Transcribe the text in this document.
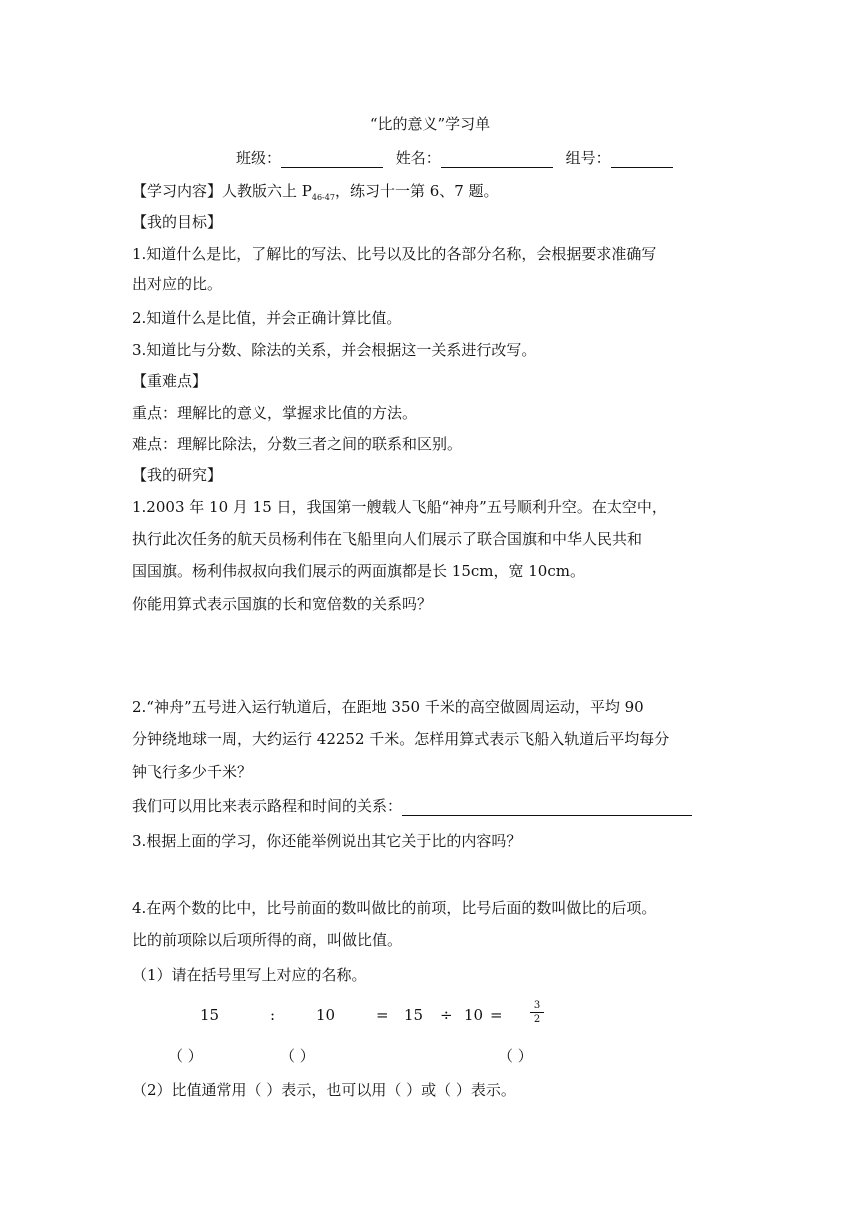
“比的意义”学习单
班级：	姓名：	组号：
【学习内容】人教版六上 $P_{46-47}$，练习十一第 6、7 题。
【我的目标】
1.知道什么是比，了解比的写法、比号以及比的各部分名称，会根据要求准确写
出对应的比。
2.知道什么是比值，并会正确计算比值。
3.知道比与分数、除法的关系，并会根据这一关系进行改写。
【重难点】
重点：理解比的意义，掌握求比值的方法。
难点：理解比除法，分数三者之间的联系和区别。
【我的研究】
1.2003 年 10 月 15 日，我国第一艘载人飞船“神舟”五号顺利升空。在太空中，
执行此次任务的航天员杨利伟在飞船里向人们展示了联合国旗和中华人民共和
国国旗。杨利伟叔叔向我们展示的两面旗都是长 15cm，宽 10cm。
你能用算式表示国旗的长和宽倍数的关系吗？
2.“神舟”五号进入运行轨道后，在距地 350 千米的高空做圆周运动，平均 90
分钟绕地球一周，大约运行 42252 千米。怎样用算式表示飞船入轨道后平均每分
钟飞行多少千米？
我们可以用比来表示路程和时间的关系：
3.根据上面的学习，你还能举例说出其它关于比的内容吗？
4.在两个数的比中，比号前面的数叫做比的前项，比号后面的数叫做比的后项。
比的前项除以后项所得的商，叫做比值。
（1）请在括号里写上对应的名称。
15	:	10	= 15 ÷ 10 =
3
2
（ ）	（ ）	（ ）
（2）比值通常用（ ）表示，也可以用（ ）或（ ）表示。
